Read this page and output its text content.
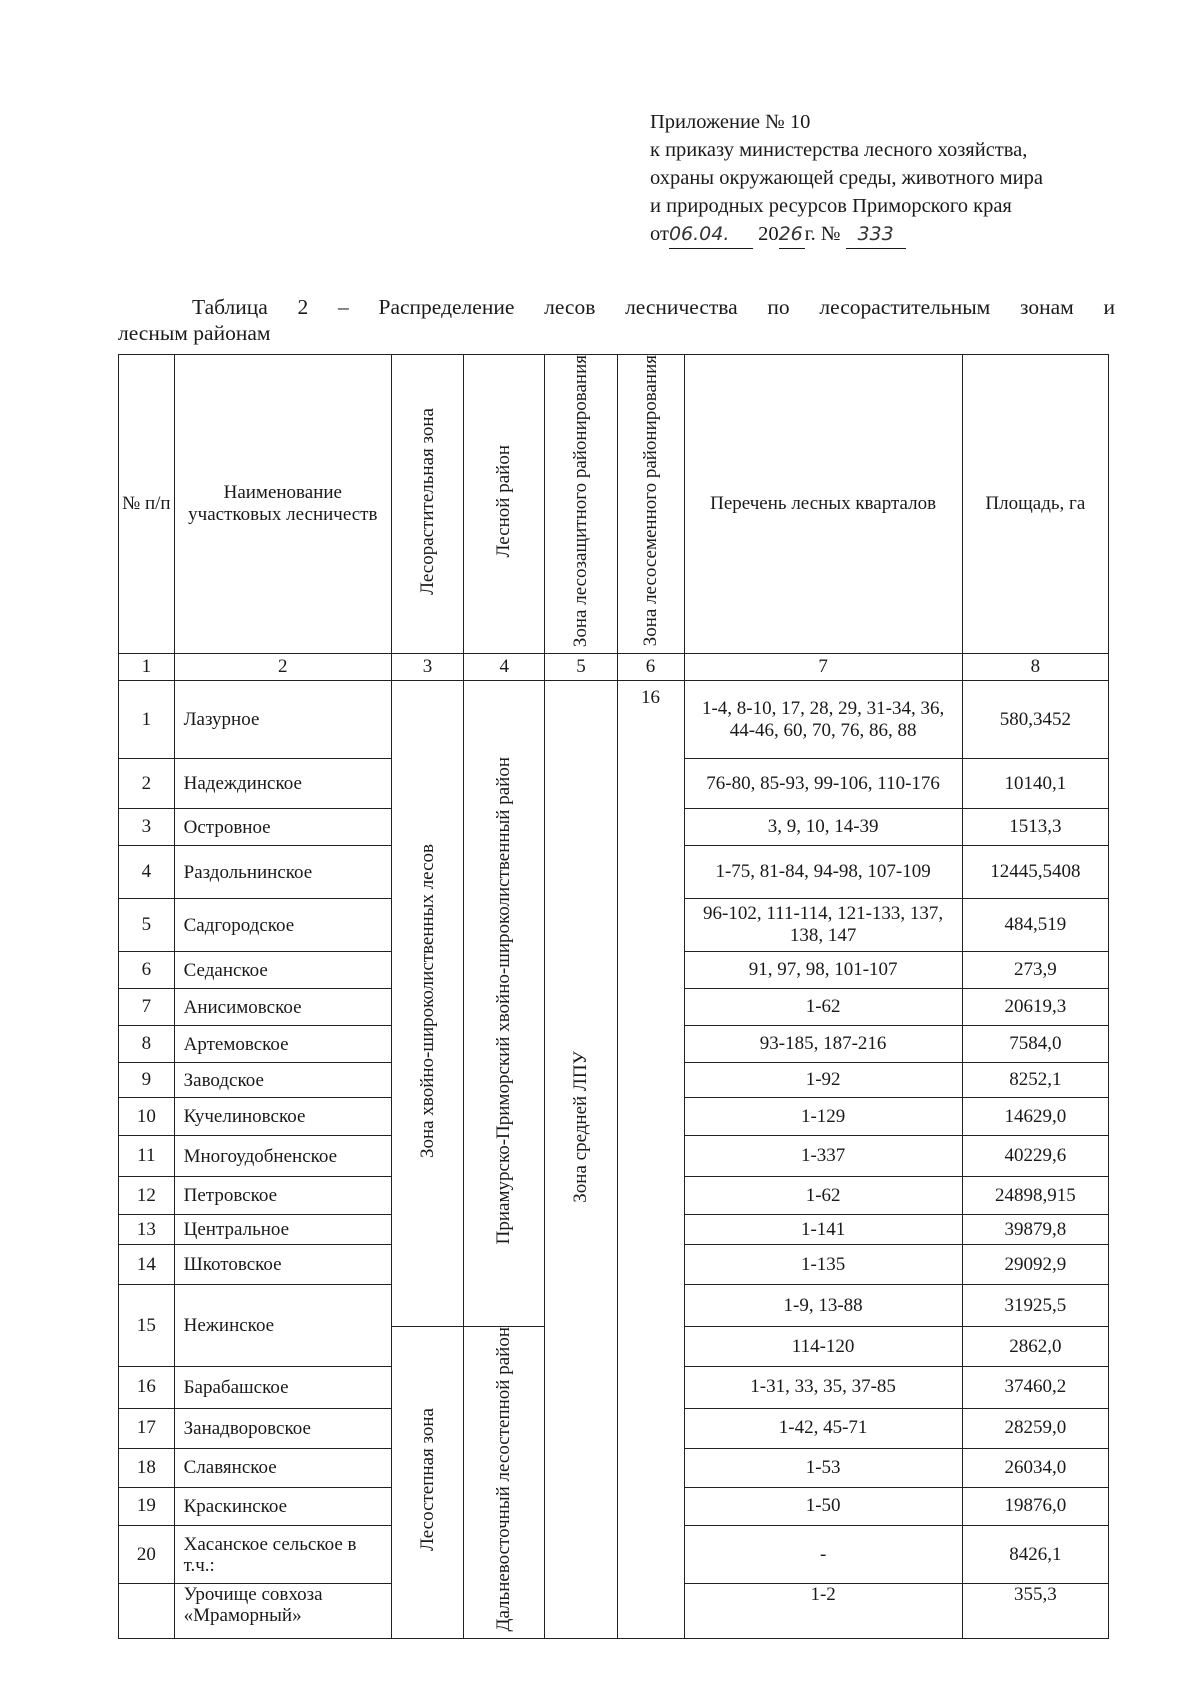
Приложение № 10
к приказу министерства лесного хозяйства,
охраны окружающей среды, животного мира
и природных ресурсов Приморского края
от06.04. 2026г. № 333
Таблица 2 – Распределение лесов лесничества по лесорастительным зонам и
лесным районам
№ п/п	Наименование участковых лесничеств	Лесорастительная зона	Лесной район	Зона лесозащитного районирования	Зона лесосеменного районирования	Перечень лесных кварталов	Площадь, га
1	2	3	4	5	6	7	8
1	Лазурное	Зона хвойно-широколиственных лесов	Приамурско-Приморский хвойно-широколиственный район	Зона средней ЛПУ	16	1-4, 8-10, 17, 28, 29, 31-34, 36, 44-46, 60, 70, 76, 86, 88	580,3452
2	Надеждинское					76-80, 85-93, 99-106, 110-176	10140,1
3	Островное					3, 9, 10, 14-39	1513,3
4	Раздольнинское					1-75, 81-84, 94-98, 107-109	12445,5408
5	Садгородское					96-102, 111-114, 121-133, 137, 138, 147	484,519
6	Седанское					91, 97, 98, 101-107	273,9
7	Анисимовское					1-62	20619,3
8	Артемовское					93-185, 187-216	7584,0
9	Заводское					1-92	8252,1
10	Кучелиновское					1-129	14629,0
11	Многоудобненское					1-337	40229,6
12	Петровское					1-62	24898,915
13	Центральное					1-141	39879,8
14	Шкотовское					1-135	29092,9
15	Нежинское					1-9, 13-88	31925,5
		Лесостепная зона	Дальневосточный лесостепной район			114-120	2862,0
16	Барабашское					1-31, 33, 35, 37-85	37460,2
17	Занадворовское					1-42, 45-71	28259,0
18	Славянское					1-53	26034,0
19	Краскинское					1-50	19876,0
20	Хасанское сельское в т.ч.:					-	8426,1
	Урочище совхоза «Мраморный»					1-2	355,3
